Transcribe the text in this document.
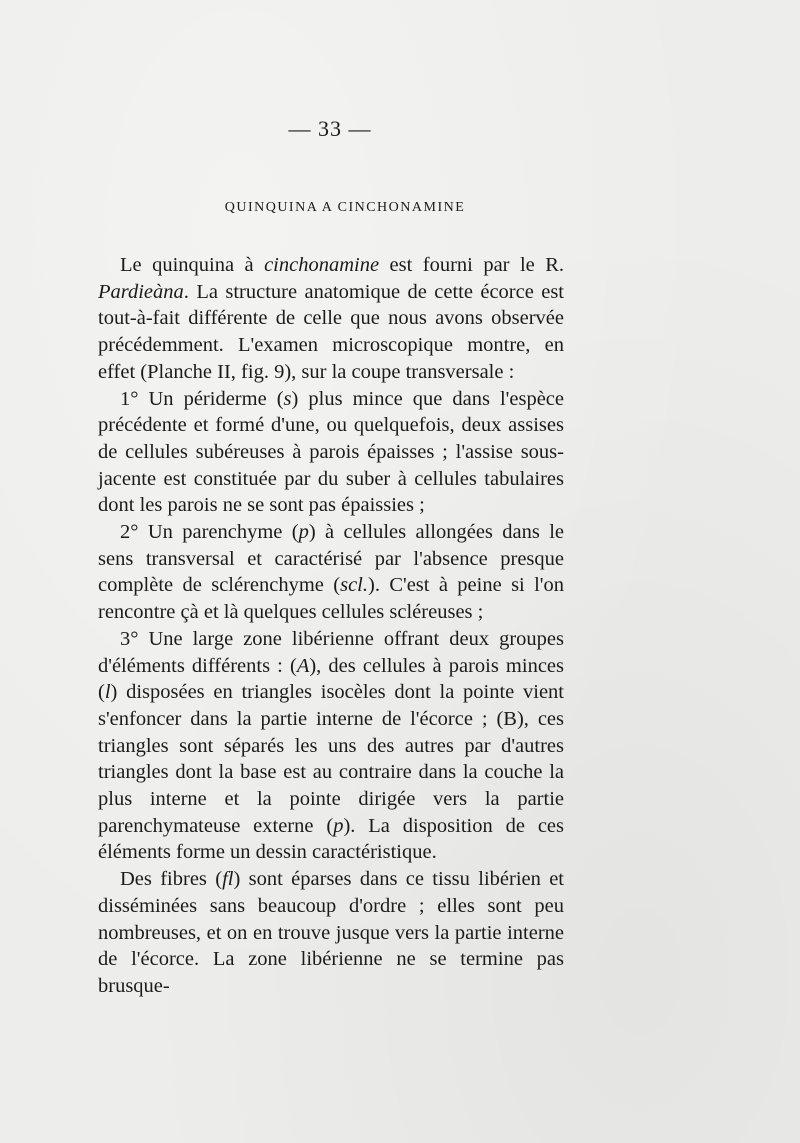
— 33 —
QUINQUINA A CINCHONAMINE

Le quinquina à cinchonamine est fourni par le R. Pardieàna. La structure anatomique de cette écorce est tout-à-fait différente de celle que nous avons observée précédemment. L'examen microscopique montre, en effet (Planche II, fig. 9), sur la coupe transversale :

1° Un périderme (s) plus mince que dans l'espèce précédente et formé d'une, ou quelquefois, deux assises de cellules subéreuses à parois épaisses ; l'assise sous-jacente est constituée par du suber à cellules tabulaires dont les parois ne se sont pas épaissies ;

2° Un parenchyme (p) à cellules allongées dans le sens transversal et caractérisé par l'absence presque complète de sclérenchyme (scl.). C'est à peine si l'on rencontre çà et là quelques cellules scléreuses ;

3° Une large zone libérienne offrant deux groupes d'éléments différents : (A), des cellules à parois minces (l) disposées en triangles isocèles dont la pointe vient s'enfoncer dans la partie interne de l'écorce ; (B), ces triangles sont séparés les uns des autres par d'autres triangles dont la base est au contraire dans la couche la plus interne et la pointe dirigée vers la partie parenchymateuse externe (p). La disposition de ces éléments forme un dessin caractéristique.

Des fibres (fl) sont éparses dans ce tissu libérien et disséminées sans beaucoup d'ordre ; elles sont peu nombreuses, et on en trouve jusque vers la partie interne de l'écorce. La zone libérienne ne se termine pas brusque-
